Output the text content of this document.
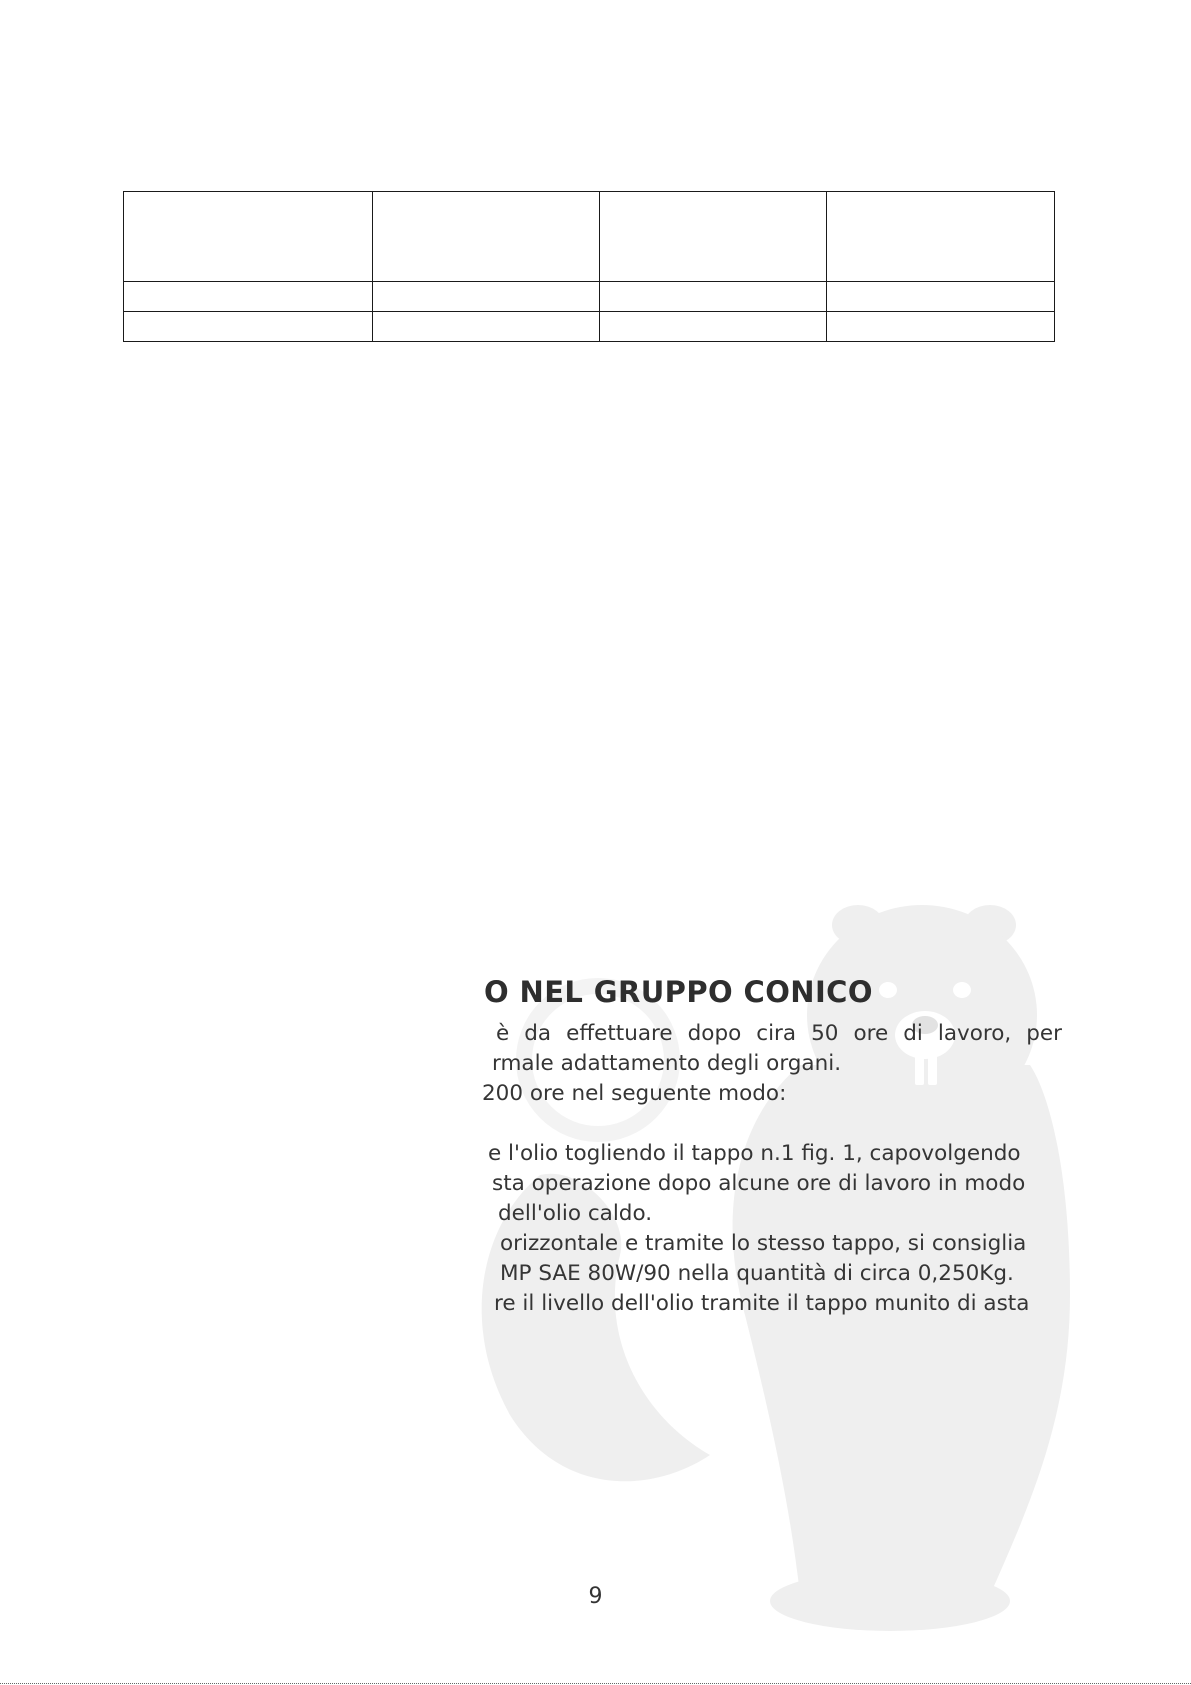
O NEL GRUPPO CONICO
è da effettuare dopo cira 50 ore di lavoro, per
rmale adattamento degli organi.
200 ore nel seguente modo:
e l'olio togliendo il tappo n.1 fig. 1, capovolgendo
sta operazione dopo alcune ore di lavoro in modo
dell'olio caldo.
orizzontale e tramite lo stesso tappo, si consiglia
MP SAE 80W/90 nella quantità di circa 0,250Kg.
re il livello dell'olio tramite il tappo munito di asta
9
